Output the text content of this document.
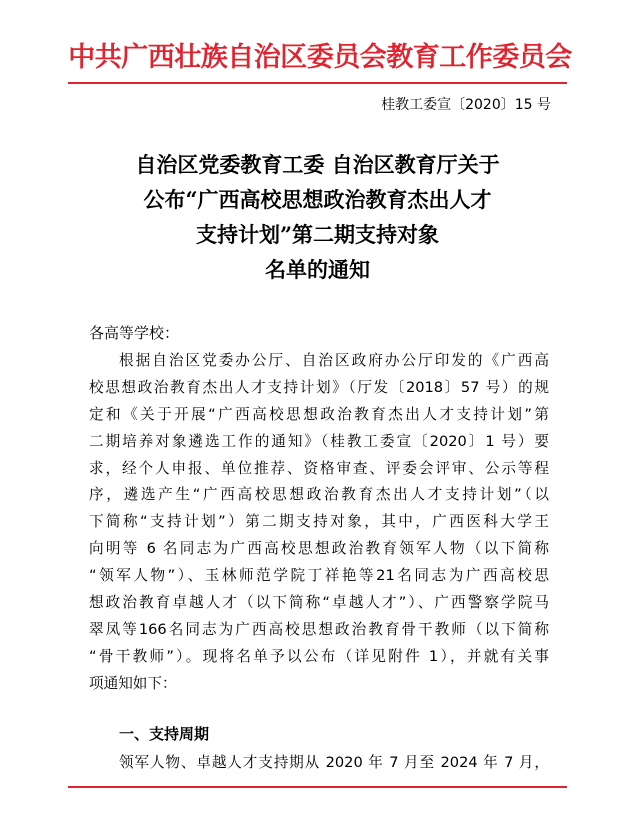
中共广西壮族自治区委员会教育工作委员会
桂教工委宣〔2020〕15 号
自治区党委教育工委 自治区教育厅关于
公布“广西高校思想政治教育杰出人才
支持计划”第二期支持对象
名单的通知
各高等学校：
根据自治区党委办公厅、自治区政府办公厅印发的《广西高
校思想政治教育杰出人才支持计划》（厅发〔2018〕57 号）的规
定和《关于开展“广西高校思想政治教育杰出人才支持计划”第
二期培养对象遴选工作的通知》（桂教工委宣〔2020〕1 号）要
求，经个人申报、单位推荐、资格审查、评委会评审、公示等程
序，遴选产生“广西高校思想政治教育杰出人才支持计划”（以
下简称“支持计划”）第二期支持对象，其中，广西医科大学王
向明等 6 名同志为广西高校思想政治教育领军人物（以下简称
“领军人物”）、玉林师范学院丁祥艳等21名同志为广西高校思
想政治教育卓越人才（以下简称“卓越人才”）、广西警察学院马
翠凤等166名同志为广西高校思想政治教育骨干教师（以下简称
“骨干教师”）。现将名单予以公布（详见附件 1），并就有关事
项通知如下：
一、支持周期
领军人物、卓越人才支持期从 2020 年 7 月至 2024 年 7 月，
